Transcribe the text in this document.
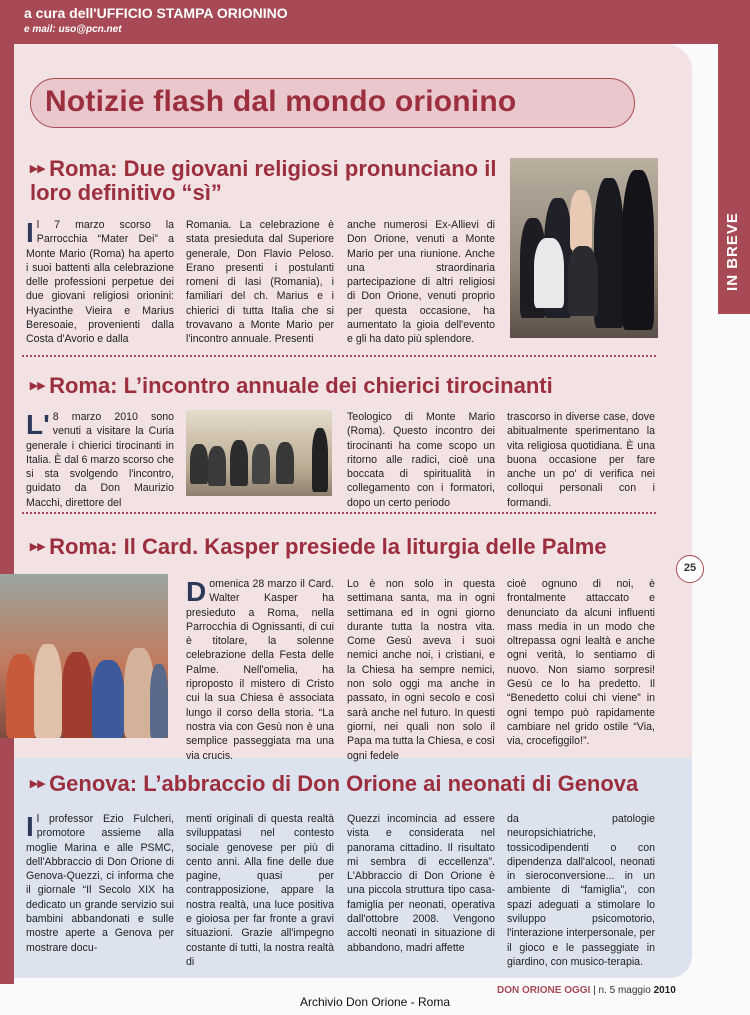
a cura dell'UFFICIO STAMPA ORIONINO
e mail: uso@pcn.net
IN BREVE
Notizie flash dal mondo orionino
▸▸ Roma: Due giovani religiosi pronunciano il loro definitivo “sì”
Il 7 marzo scorso la Parrocchia “Mater Dei” a Monte Mario (Roma) ha aperto i suoi battenti alla celebrazione delle professioni perpetue dei due giovani religiosi orionini: Hyacinthe Vieira e Marius Beresoaie, provenienti dalla Costa d'Avorio e dalla
Romania. La celebrazione è stata presieduta dal Superiore generale, Don Flavio Peloso. Erano presenti i postulanti romeni di Iasi (Romania), i familiari del ch. Marius e i chierici di tutta Italia che si trovavano a Monte Mario per l'incontro annuale. Presenti
anche numerosi Ex-Allievi di Don Orione, venuti a Monte Mario per una riunione. Anche una straordinaria partecipazione di altri religiosi di Don Orione, venuti proprio per questa occasione, ha aumentato la gioia dell'evento e gli ha dato più splendore.
▸▸ Roma: L’incontro annuale dei chierici tirocinanti
L'8 marzo 2010 sono venuti a visitare la Curia generale i chierici tirocinanti in Italia. È dal 6 marzo scorso che si sta svolgendo l'incontro, guidato da Don Maurizio Macchi, direttore del
Teologico di Monte Mario (Roma). Questo incontro dei tirocinanti ha come scopo un ritorno alle radici, cioè una boccata di spiritualità in collegamento con i formatori, dopo un certo periodo
trascorso in diverse case, dove abitualmente sperimentano la vita religiosa quotidiana. È una buona occasione per fare anche un po' di verifica nei colloqui personali con i formandi.
▸▸ Roma: Il Card. Kasper presiede la liturgia delle Palme
Domenica 28 marzo il Card. Walter Kasper ha presieduto a Roma, nella Parrocchia di Ognissanti, di cui è titolare, la solenne celebrazione della Festa delle Palme. Nell'omelia, ha riproposto il mistero di Cristo cui la sua Chiesa è associata lungo il corso della storia. “La nostra via con Gesù non è una semplice passeggiata ma una via crucis.
Lo è non solo in questa settimana santa, ma in ogni settimana ed in ogni giorno durante tutta la nostra vita. Come Gesù aveva i suoi nemici anche noi, i cristiani, e la Chiesa ha sempre nemici, non solo oggi ma anche in passato, in ogni secolo e così sarà anche nel futuro. In questi giorni, nei quali non solo il Papa ma tutta la Chiesa, e così ogni fedele
cioè ognuno di noi, è frontalmente attaccato e denunciato da alcuni influenti mass media in un modo che oltrepassa ogni lealtà e anche ogni verità, lo sentiamo di nuovo. Non siamo sorpresi! Gesù ce lo ha predetto. Il “Benedetto colui chi viene” in ogni tempo può rapidamente cambiare nel grido ostile “Via, via, crocefiggilo!”.
25
▸▸ Genova: L’abbraccio di Don Orione ai neonati di Genova
Il professor Ezio Fulcheri, promotore assieme alla moglie Marina e alle PSMC, dell'Abbraccio di Don Orione di Genova-Quezzi, ci informa che il giornale “Il Secolo XIX ha dedicato un grande servizio sui bambini abbandonati e sulle mostre aperte a Genova per mostrare docu-
menti originali di questa realtà sviluppatasi nel contesto sociale genovese per più di cento anni. Alla fine delle due pagine, quasi per contrapposizione, appare la nostra realtà, una luce positiva e gioiosa per far fronte a gravi situazioni. Grazie all'impegno costante di tutti, la nostra realtà di
Quezzi incomincia ad essere vista e considerata nel panorama cittadino. Il risultato mi sembra di eccellenza”. L'Abbraccio di Don Orione è una piccola struttura tipo casa-famiglia per neonati, operativa dall'ottobre 2008. Vengono accolti neonati in situazione di abbandono, madri affette
da patologie neuropsichiatriche, tossicodipendenti o con dipendenza dall'alcool, neonati in sieroconversione... in un ambiente di “famiglia”, con spazi adeguati a stimolare lo sviluppo psicomotorio, l'interazione interpersonale, per il gioco e le passeggiate in giardino, con musico-terapia.
DON ORIONE OGGI | n. 5 maggio 2010
Archivio Don Orione - Roma
